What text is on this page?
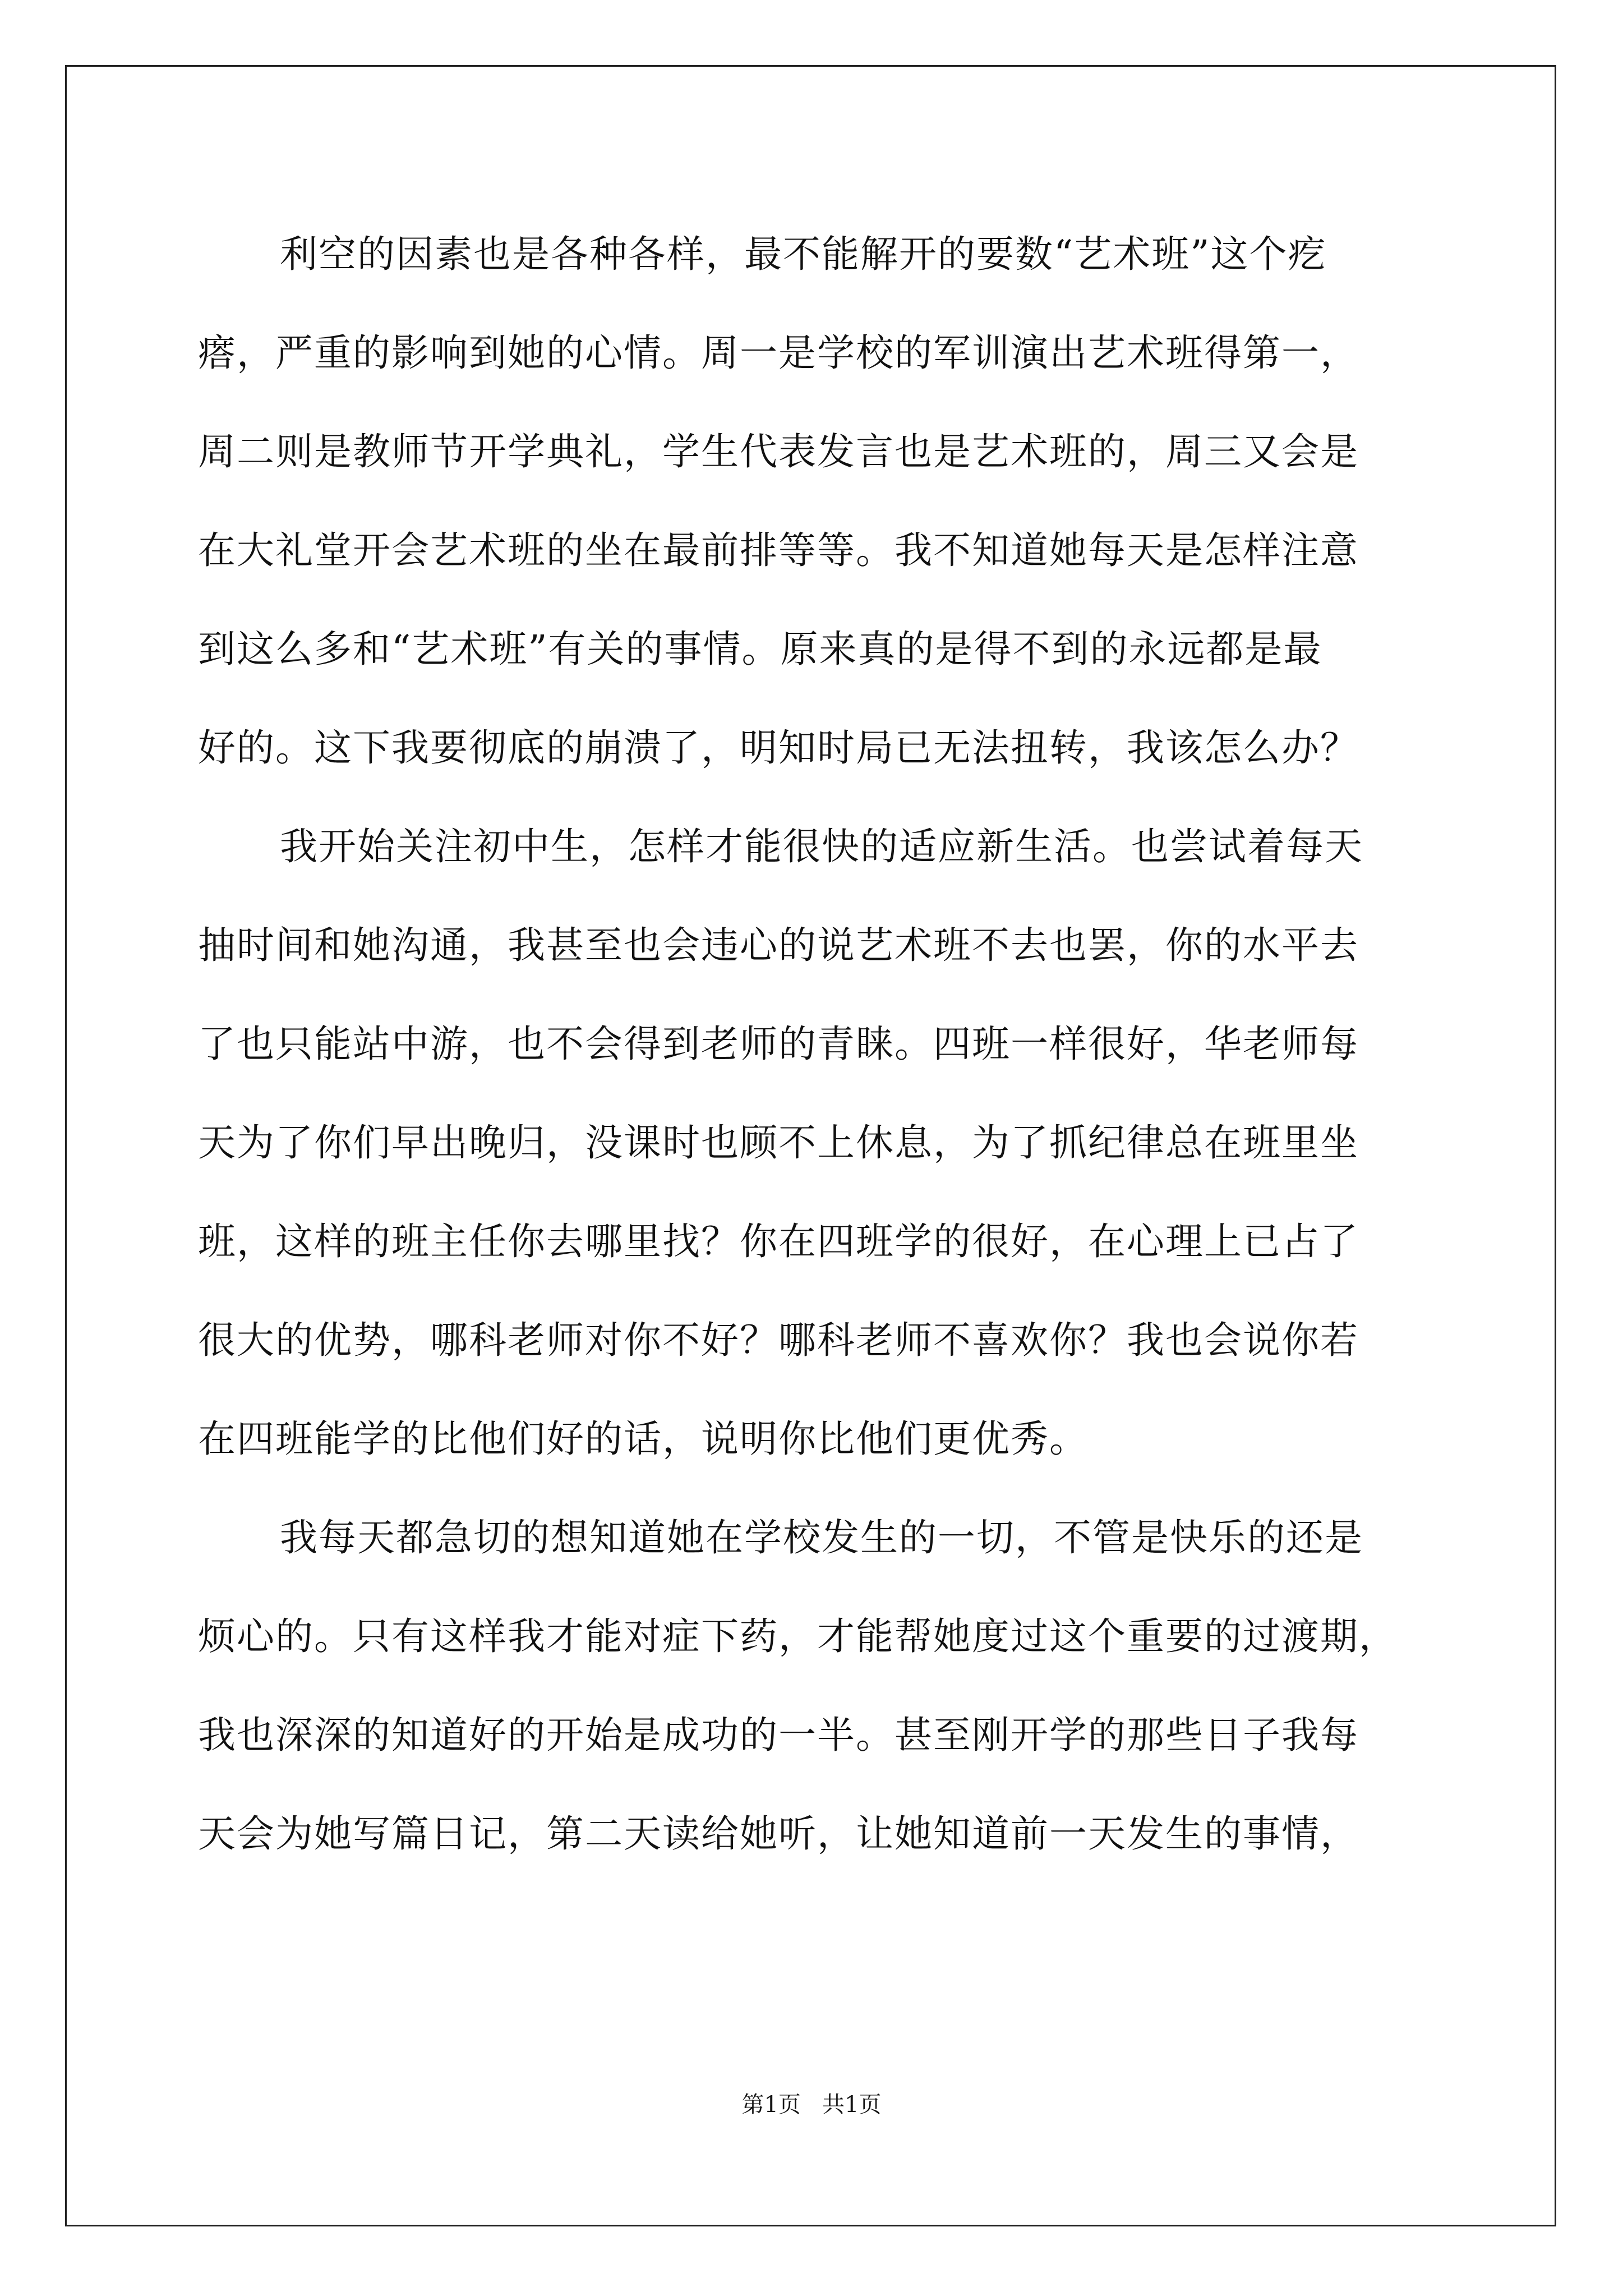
利空的因素也是各种各样，最不能解开的要数“艺术班”这个疙
瘩，严重的影响到她的心情。周一是学校的军训演出艺术班得第一，
周二则是教师节开学典礼，学生代表发言也是艺术班的，周三又会是
在大礼堂开会艺术班的坐在最前排等等。我不知道她每天是怎样注意
到这么多和“艺术班”有关的事情。原来真的是得不到的永远都是最
好的。这下我要彻底的崩溃了，明知时局已无法扭转，我该怎么办？
我开始关注初中生，怎样才能很快的适应新生活。也尝试着每天
抽时间和她沟通，我甚至也会违心的说艺术班不去也罢，你的水平去
了也只能站中游，也不会得到老师的青睐。四班一样很好，华老师每
天为了你们早出晚归，没课时也顾不上休息，为了抓纪律总在班里坐
班，这样的班主任你去哪里找？你在四班学的很好，在心理上已占了
很大的优势，哪科老师对你不好？哪科老师不喜欢你？我也会说你若
在四班能学的比他们好的话，说明你比他们更优秀。
我每天都急切的想知道她在学校发生的一切，不管是快乐的还是
烦心的。只有这样我才能对症下药，才能帮她度过这个重要的过渡期，
我也深深的知道好的开始是成功的一半。甚至刚开学的那些日子我每
天会为她写篇日记，第二天读给她听，让她知道前一天发生的事情，
第1页   共1页
